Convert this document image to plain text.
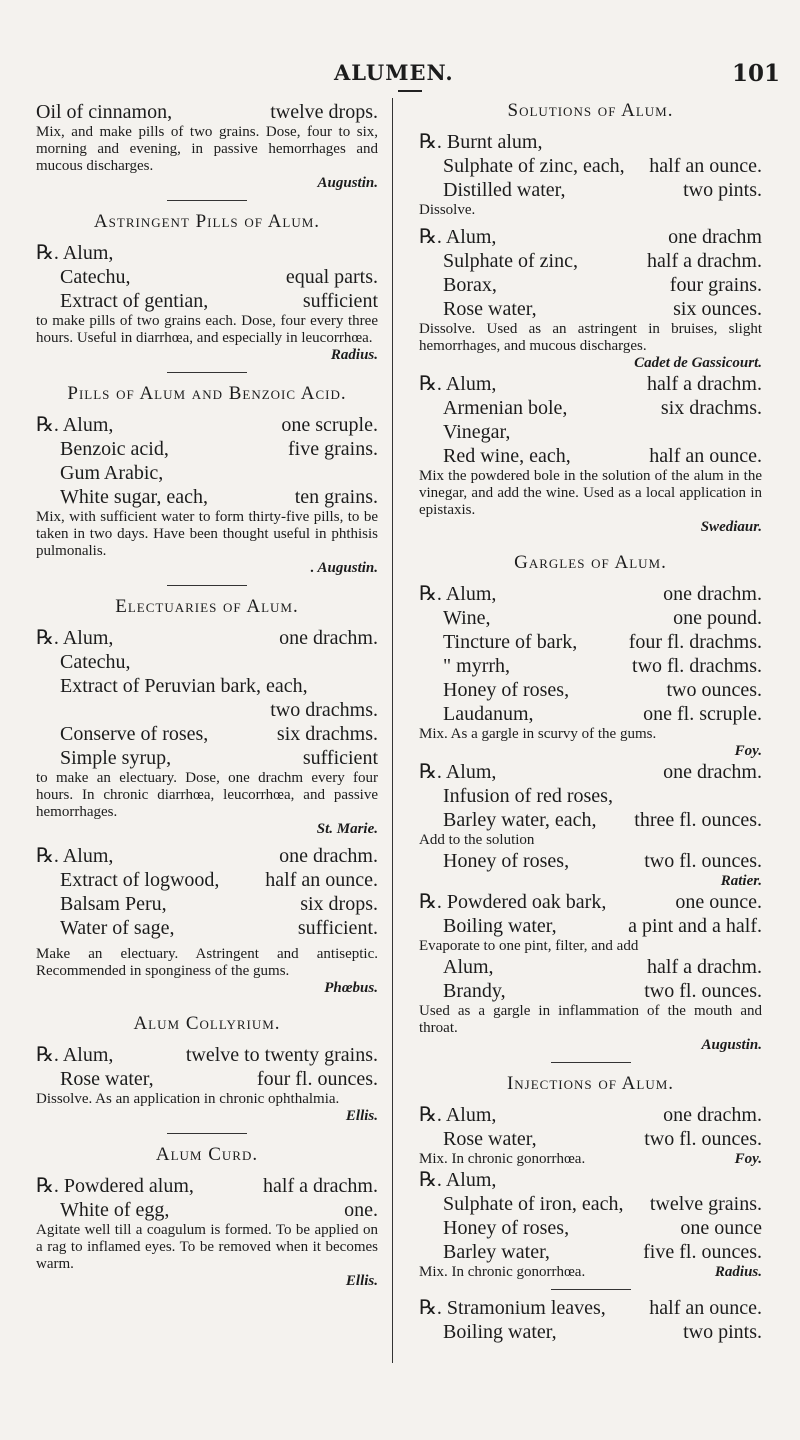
ALUMEN.	101
Oil of cinnamon,	twelve drops.
Mix, and make pills of two grains. Dose, four to six, morning and evening, in passive hemorrhages and mucous discharges.
Augustin.
Astringent Pills of Alum.
℞. Alum,
Catechu,	equal parts.
Extract of gentian,	sufficient
to make pills of two grains each. Dose, four every three hours. Useful in diarrhœa, and especially in leucorrhœa.
Radius.
Pills of Alum and Benzoic Acid.
℞. Alum,	one scruple.
Benzoic acid,	five grains.
Gum Arabic,
White sugar, each,	ten grains.
Mix, with sufficient water to form thirty-five pills, to be taken in two days. Have been thought useful in phthisis pulmonalis.
. Augustin.
Electuaries of Alum.
℞. Alum,	one drachm.
Catechu,
Extract of Peruvian bark, each,
two drachms.
Conserve of roses,	six drachms.
Simple syrup,	sufficient
to make an electuary. Dose, one drachm every four hours. In chronic diarrhœa, leucorrhœa, and passive hemorrhages.
St. Marie.
℞. Alum,	one drachm.
Extract of logwood, half an ounce.
Balsam Peru,	six drops.
Water of sage,	sufficient.
Make an electuary. Astringent and antiseptic. Recommended in sponginess of the gums.
Phœbus.
Alum Collyrium.
℞. Alum,	twelve to twenty grains.
Rose water,	four fl. ounces.
Dissolve. As an application in chronic ophthalmia.
Ellis.
Alum Curd.
℞. Powdered alum,	half a drachm.
White of egg,	one.
Agitate well till a coagulum is formed. To be applied on a rag to inflamed eyes. To be removed when it becomes warm.
Ellis.
Solutions of Alum.
℞. Burnt alum,
Sulphate of zinc, each, half an ounce.
Distilled water,	two pints.
Dissolve.
℞. Alum,	one drachm
Sulphate of zinc,	half a drachm.
Borax,	four grains.
Rose water,	six ounces.
Dissolve. Used as an astringent in bruises, slight hemorrhages, and mucous discharges.
Cadet de Gassicourt.
℞. Alum,	half a drachm.
Armenian bole,	six drachms.
Vinegar,
Red wine, each,	half an ounce.
Mix the powdered bole in the solution of the alum in the vinegar, and add the wine. Used as a local application in epistaxis.
Swediaur.
Gargles of Alum.
℞. Alum,	one drachm.
Wine,	one pound.
Tincture of bark,	four fl. drachms.
" myrrh,	two fl. drachms.
Honey of roses,	two ounces.
Laudanum,	one fl. scruple.
Mix. As a gargle in scurvy of the gums.
Foy.
℞. Alum,	one drachm.
Infusion of red roses,
Barley water, each, three fl. ounces.
Add to the solution
Honey of roses,	two fl. ounces.
Ratier.
℞. Powdered oak bark,	one ounce.
Boiling water,	a pint and a half.
Evaporate to one pint, filter, and add
Alum,	half a drachm.
Brandy,	two fl. ounces.
Used as a gargle in inflammation of the mouth and throat.
Augustin.
Injections of Alum.
℞. Alum,	one drachm.
Rose water,	two fl. ounces.
Mix. In chronic gonorrhœa.	Foy.
℞. Alum,
Sulphate of iron, each, twelve grains.
Honey of roses,	one ounce
Barley water,	five fl. ounces.
Mix. In chronic gonorrhœa.	Radius.
℞. Stramonium leaves, half an ounce.
Boiling water,	two pints.
